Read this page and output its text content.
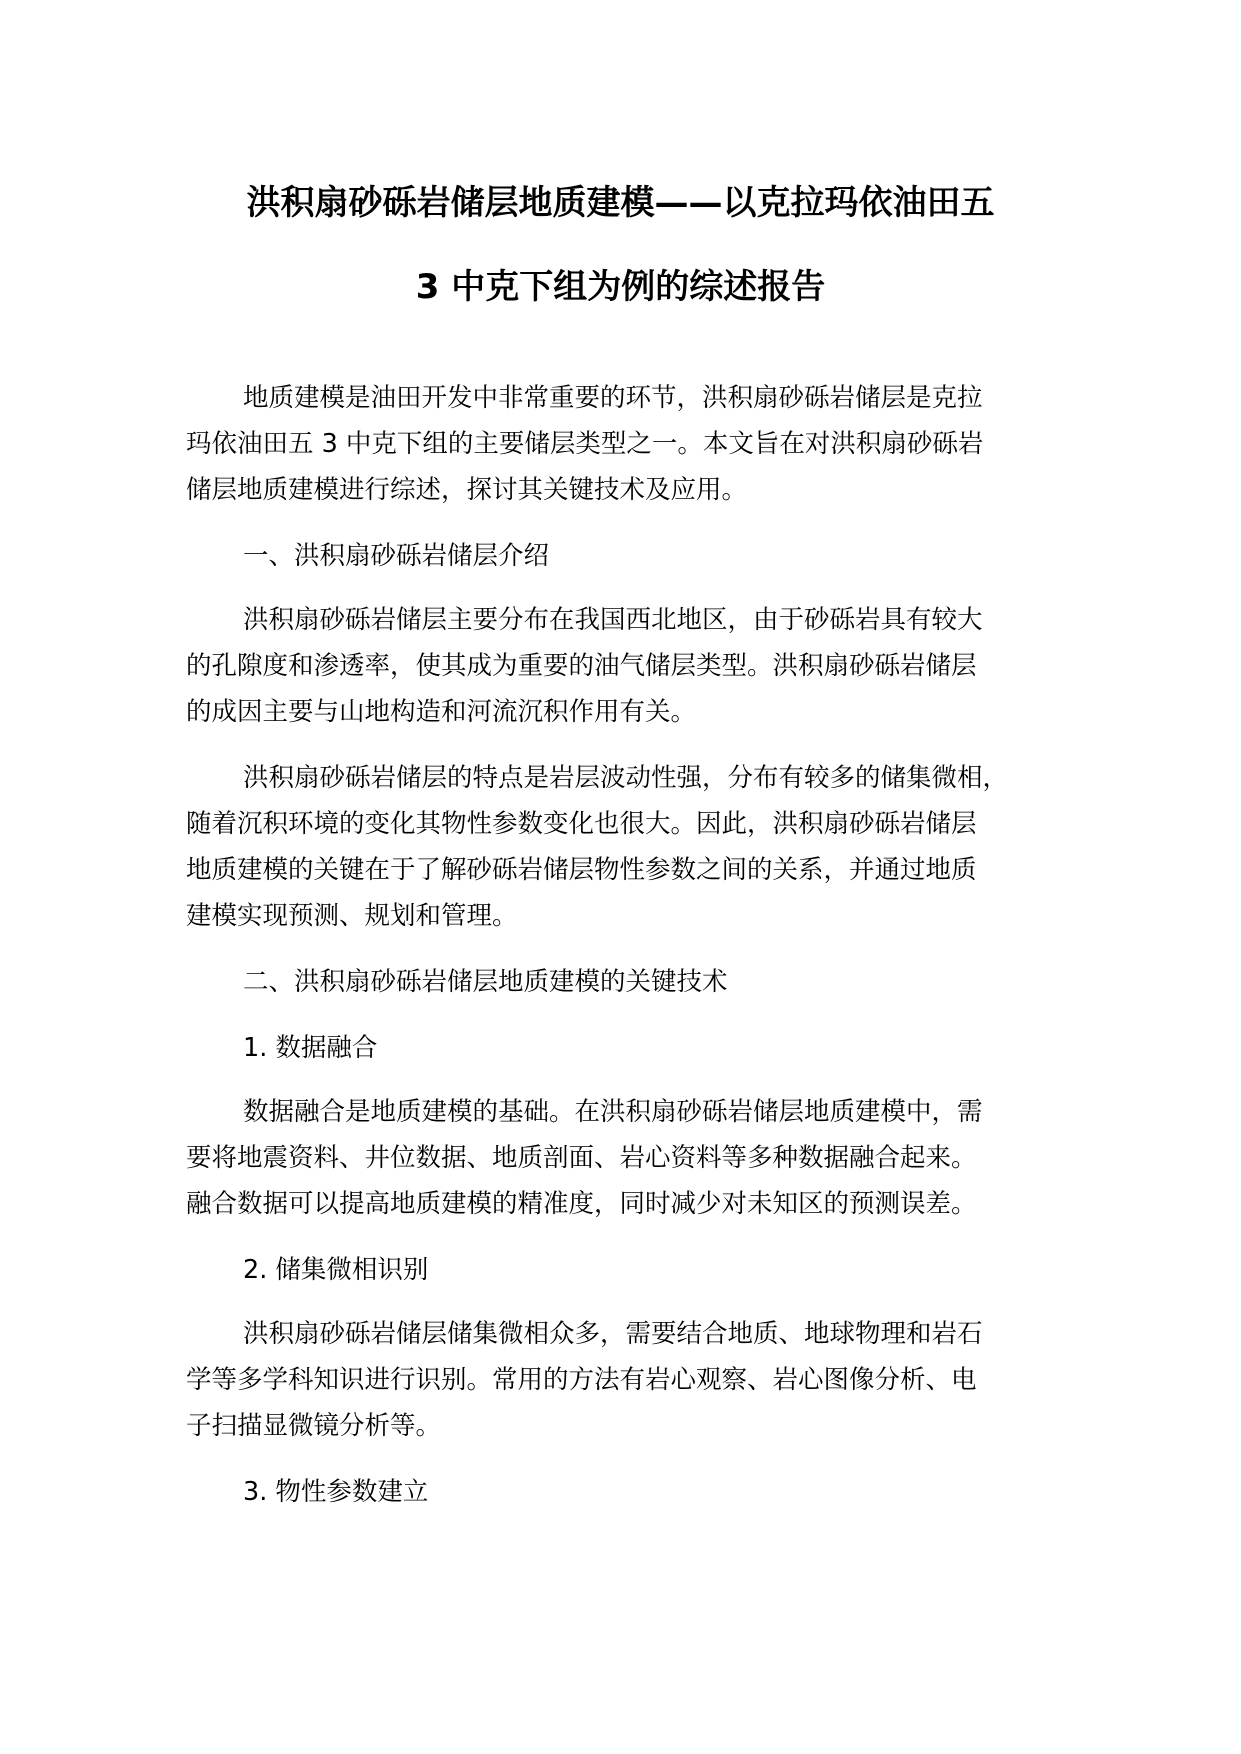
洪积扇砂砾岩储层地质建模——以克拉玛依油田五
3 中克下组为例的综述报告
地质建模是油田开发中非常重要的环节，洪积扇砂砾岩储层是克拉
玛依油田五 3 中克下组的主要储层类型之一。本文旨在对洪积扇砂砾岩
储层地质建模进行综述，探讨其关键技术及应用。
一、洪积扇砂砾岩储层介绍
洪积扇砂砾岩储层主要分布在我国西北地区，由于砂砾岩具有较大
的孔隙度和渗透率，使其成为重要的油气储层类型。洪积扇砂砾岩储层
的成因主要与山地构造和河流沉积作用有关。
洪积扇砂砾岩储层的特点是岩层波动性强，分布有较多的储集微相，
随着沉积环境的变化其物性参数变化也很大。因此，洪积扇砂砾岩储层
地质建模的关键在于了解砂砾岩储层物性参数之间的关系，并通过地质
建模实现预测、规划和管理。
二、洪积扇砂砾岩储层地质建模的关键技术
1. 数据融合
数据融合是地质建模的基础。在洪积扇砂砾岩储层地质建模中，需
要将地震资料、井位数据、地质剖面、岩心资料等多种数据融合起来。
融合数据可以提高地质建模的精准度，同时减少对未知区的预测误差。
2. 储集微相识别
洪积扇砂砾岩储层储集微相众多，需要结合地质、地球物理和岩石
学等多学科知识进行识别。常用的方法有岩心观察、岩心图像分析、电
子扫描显微镜分析等。
3. 物性参数建立
